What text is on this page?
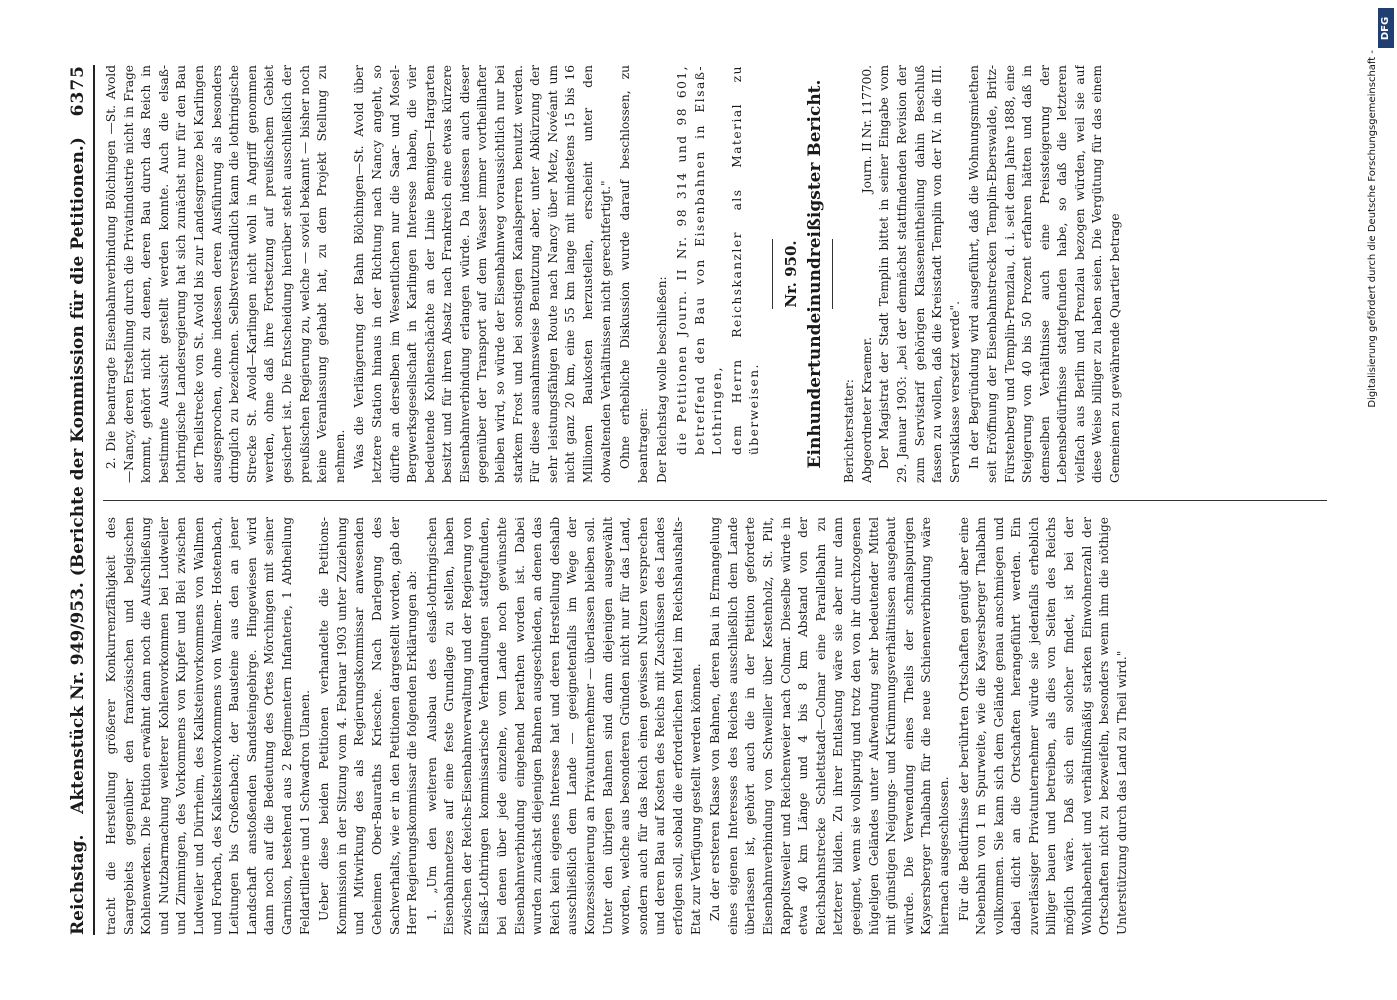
Reichstag.
Aktenstück Nr. 949/953. (Berichte der Kommission für die Petitionen.)
6375

tracht die Herstellung größerer Konkurrenzfähigkeit des Saargebiets gegenüber den französischen und belgischen Kohlenwerken. Die Petition erwähnt dann noch die Aufschließung und Nutzbarmachung weiterer Kohlenvorkommen bei Ludweiler und Zimmingen, des Vorkommens von Kupfer und Blei zwischen Ludweiler und Dürrheim, des Kalksteinvorkommens von Wallmen und Forbach, des Kalksteinvorkommens von Walmen- Hostenbach, Leitungen bis Großenbach; der Bausteine aus den an jener Landschaft anstoßenden Sandsteingebirge. Hingewiesen wird dann noch auf die Bedeutung des Ortes Mörchingen mit seiner Garnison, bestehend aus 2 Regimentern Infanterie, 1 Abtheilung Feldartillerie und 1 Schwadron Ulanen. Ueber diese beiden Petitionen verhandelte die Petitions-Kommission in der Sitzung vom 4. Februar 1903 unter Zuziehung und Mitwirkung des als Regierungskommissar anwesenden Geheimen Ober-Bauraths Kriesche. Nach Darlegung des Sachverhalts, wie er in den Petitionen dargestellt worden, gab der Herr Regierungskommissar die folgenden Erklärungen ab: 1. „Um den weiteren Ausbau des elsaß-lothringischen Eisenbahnnetzes auf eine feste Grundlage zu stellen, haben zwischen der Reichs-Eisenbahnverwaltung und der Regierung von Elsaß-Lothringen kommissarische Verhandlungen stattgefunden, bei denen über jede einzelne, vom Lande noch gewünschte Eisenbahnverbindung eingehend berathen worden ist. Dabei wurden zunächst diejenigen Bahnen ausgeschieden, an denen das Reich kein eigenes Interesse hat und deren Herstellung deshalb ausschließlich dem Lande — geeignetenfalls im Wege der Konzessionierung an Privatunternehmer — überlassen bleiben soll. Unter den übrigen Bahnen sind dann diejenigen ausgewählt worden, welche aus besonderen Gründen nicht nur für das Land, sondern auch für das Reich einen gewissen Nutzen versprechen und deren Bau auf Kosten des Reichs mit Zuschüssen des Landes erfolgen soll, sobald die erforderlichen Mittel im Reichshaushalts-Etat zur Verfügung gestellt werden können. Zu der ersteren Klasse von Bahnen, deren Bau in Ermangelung eines eigenen Interesses des Reiches ausschließlich dem Lande überlassen ist, gehört auch die in der Petition geforderte Eisenbahnverbindung von Schweiller über Kestenholz, St. Pilt, Rappoltsweiler und Reichenweier nach Colmar. Dieselbe würde in etwa 40 km Länge und 4 bis 8 km Abstand von der Reichsbahnstrecke Schlettstadt—Colmar eine Parallelbahn zu letzterer bilden. Zu ihrer Entlastung wäre sie aber nur dann geeignet, wenn sie vollspurig und trotz den von ihr durchzogenen hügeligen Geländes unter Aufwendung sehr bedeutender Mittel mit günstigen Neigungs- und Krümmungsverhältnissen ausgebaut würde. Die Verwendung eines Theils der schmalspurigen Kaysersberger Thalbahn für die neue Schienenverbindung wäre hiernach ausgeschlossen. Für die Bedürfnisse der berührten Ortschaften genügt aber eine Nebenbahn von 1 m Spurweite, wie die Kaysersberger Thalbahn vollkommen. Sie kann sich dem Gelände genau anschmiegen und dabei dicht an die Ortschaften herangeführt werden. Ein zuverlässiger Privatunternehmer würde sie jedenfalls erheblich billiger bauen und betreiben, als dies von Seiten des Reichs möglich wäre. Daß sich ein solcher findet, ist bei der Wohlhabenheit und verhältnißmäßig starken Einwohnerzahl der Ortschaften nicht zu bezweifeln, besonders wenn ihm die nöthige Unterstützung durch das Land zu Theil wird."

2. Die beantragte Eisenbahnverbindung Bölchingen —St. Avold—Nancy, deren Erstellung durch die Privatindustrie nicht in Frage kommt, gehört nicht zu denen, deren Bau durch das Reich in bestimmte Aussicht gestellt werden konnte. Auch die elsaß-lothringische Landesregierung hat sich zunächst nur für den Bau der Theilstrecke von St. Avold bis zur Landesgrenze bei Karlingen ausgesprochen, ohne indessen deren Ausführung als besonders dringlich zu bezeichnen. Selbstverständlich kann die lothringische Strecke St. Avold—Karlingen nicht wohl in Angriff genommen werden, ohne daß ihre Fortsetzung auf preußischem Gebiet gesichert ist. Die Entscheidung hierüber steht ausschließlich der preußischen Regierung zu, welche — soviel bekannt — bisher noch keine Veranlassung gehabt hat, zu dem Projekt Stellung zu nehmen. Was die Verlängerung der Bahn Bölchingen—St. Avold über letztere Station hinaus in der Richtung nach Nancy angeht, so dürfte an derselben im Wesentlichen nur die Saar- und Mosel-Bergwerksgesellschaft in Karlingen Interesse haben, die vier bedeutende Kohlenschächte an der Linie Bennigen—Hargarten besitzt und für ihren Absatz nach Frankreich eine etwas kürzere Eisenbahnverbindung erlangen würde. Da indessen auch dieser gegenüber der Transport auf dem Wasser immer vortheilhafter bleiben wird, so würde der Eisenbahnweg voraussichtlich nur bei starkem Frost und bei sonstigen Kanalsperren benutzt werden. Für diese ausnahmsweise Benutzung aber, unter Abkürzung der sehr leistungsfähigen Route nach Nancy über Metz, Novéant um nicht ganz 20 km, eine 55 km lange mit mindestens 15 bis 16 Millionen Baukosten herzustellen, erscheint unter den obwaltenden Verhältnissen nicht gerechtfertigt." Ohne erhebliche Diskussion wurde darauf beschlossen, zu beantragen: Der Reichstag wolle beschließen: die Petitionen Journ. II Nr. 98 314 und 98 601, betreffend den Bau von Eisenbahnen in Elsaß-Lothringen, dem Herrn Reichskanzler als Material zu überweisen.

Nr. 950. Einhundertundeinundreißigster Bericht. Berichterstatter: Abgeordneter Kraemer.
Journ. II Nr. 117700. Der Magistrat der Stadt Templin bittet in seiner Eingabe vom 29. Januar 1903: „bei der demnächst stattfindenden Revision der zum Servistarif gehörigen Klasseneintheilung dahin Beschluß fassen zu wollen, daß die Kreisstadt Templin von der IV. in die III. Servisklasse versetzt werde". In der Begründung wird ausgeführt, daß die Wohnungsmiethen seit Eröffnung der Eisenbahnstrecken Templin-Eberswalde, Britz-Fürstenberg und Templin-Prenzlau, d. i. seit dem Jahre 1888, eine Steigerung von 40 bis 50 Prozent erfahren hätten und daß in demselben Verhältnisse auch eine Preissteigerung der Lebensbedürfnisse stattgefunden habe, so daß die letzteren vielfach aus Berlin und Prenzlau bezogen würden, weil sie auf diese Weise billiger zu haben seien. Die Vergütung für das einem Gemeinen zu gewährende Quartier betrage	Digitalisierung gefördert durch die Deutsche Forschungsgemeinschaft -
DFG
